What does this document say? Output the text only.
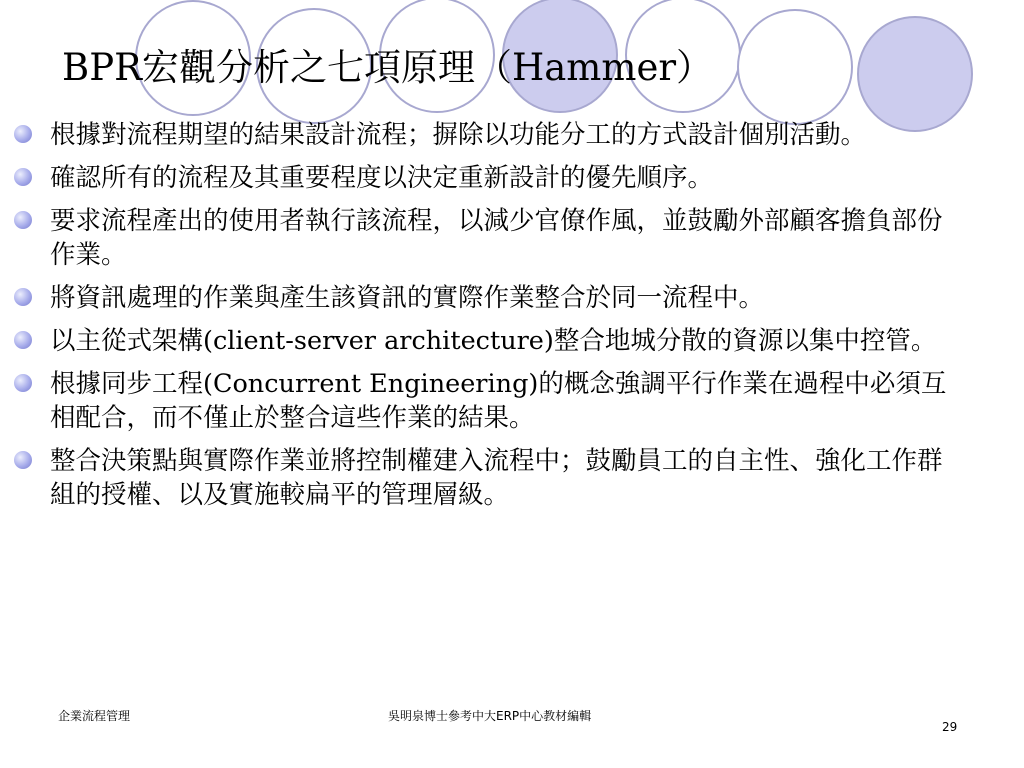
BPR宏觀分析之七項原理（Hammer）
根據對流程期望的結果設計流程；摒除以功能分工的方式設計個別活動。
確認所有的流程及其重要程度以決定重新設計的優先順序。
要求流程產出的使用者執行該流程，以減少官僚作風，並鼓勵外部顧客擔負部份作業。
將資訊處理的作業與產生該資訊的實際作業整合於同一流程中。
以主從式架構(client-server architecture)整合地城分散的資源以集中控管。
根據同步工程(Concurrent Engineering)的概念強調平行作業在過程中必須互相配合，而不僅止於整合這些作業的結果。
整合決策點與實際作業並將控制權建入流程中；鼓勵員工的自主性、強化工作群組的授權、以及實施較扁平的管理層級。
企業流程管理	吳明泉博士參考中大ERP中心教材編輯
29
